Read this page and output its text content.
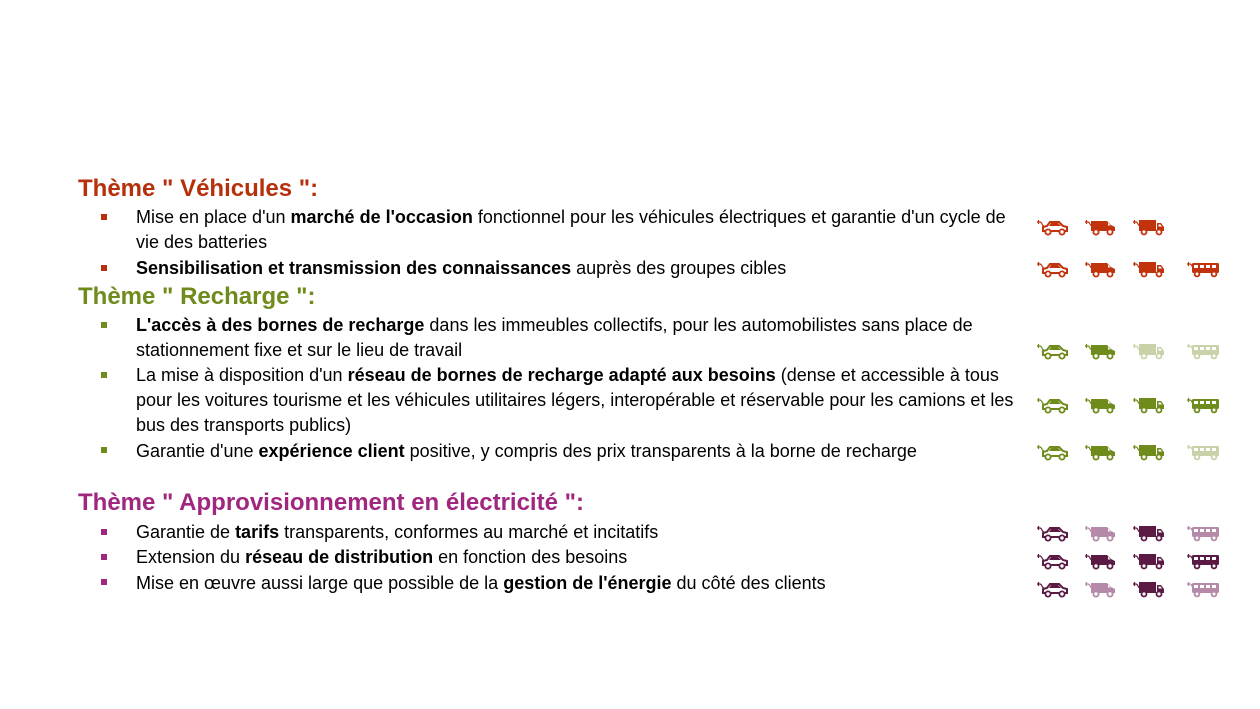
Thème " Véhicules ":
Thème " Recharge ":
Thème " Approvisionnement en électricité ":
Mise en place d'un marché de l'occasion fonctionnel pour les véhicules électriques et garantie d'un cycle de vie des batteries
Sensibilisation et transmission des connaissances auprès des groupes cibles
L'accès à des bornes de recharge dans les immeubles collectifs, pour les automobilistes sans place de stationnement fixe et sur le lieu de travail
La mise à disposition d'un réseau de bornes de recharge adapté aux besoins (dense et accessible à tous pour les voitures tourisme et les véhicules utilitaires légers, interopérable et réservable pour les camions et les bus des transports publics)
Garantie d'une expérience client positive, y compris des prix transparents à la borne de recharge
Garantie de tarifs transparents, conformes au marché et incitatifs
Extension du réseau de distribution en fonction des besoins
Mise en œuvre aussi large que possible de la gestion de l'énergie du côté des clients
